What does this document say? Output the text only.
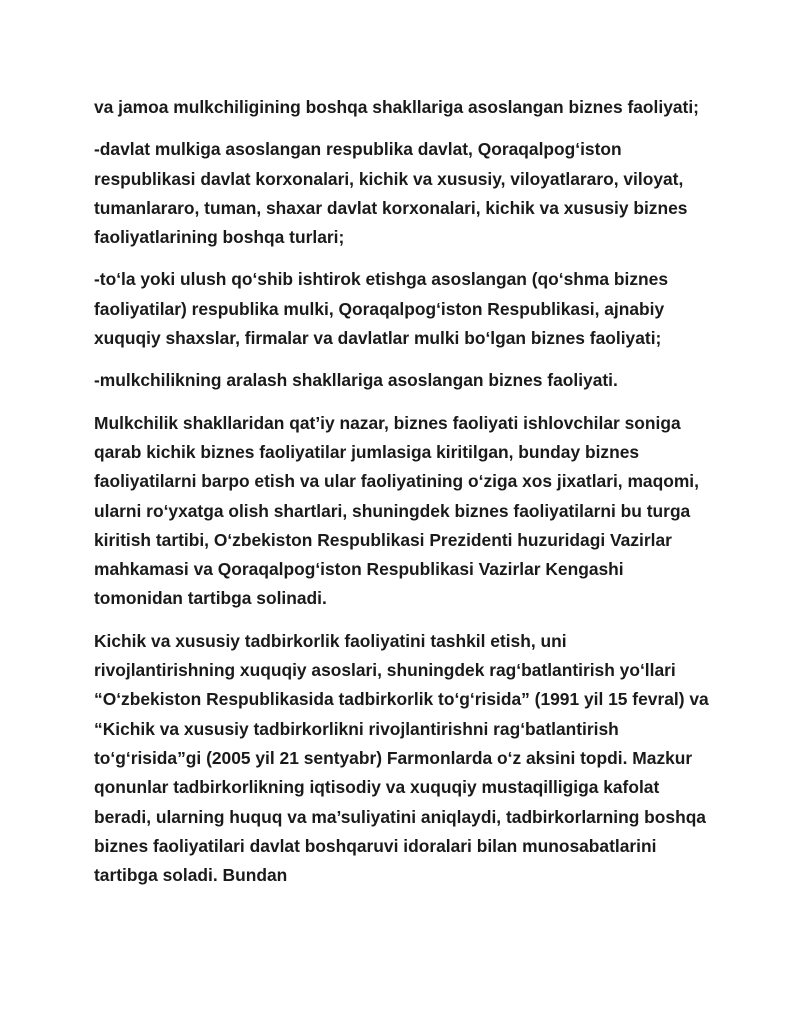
va jamoa mulkchiligining boshqa shakllariga asoslangan biznes faoliyati;

-davlat mulkiga asoslangan respublika davlat, Qoraqalpog‘iston respublikasi davlat korxonalari, kichik va xususiy, viloyatlararo, viloyat, tumanlararo, tuman, shaxar davlat korxonalari, kichik va xususiy biznes faoliyatlarining boshqa turlari;

-to‘la yoki ulush qo‘shib ishtirok etishga asoslangan (qo‘shma biznes faoliyatilar) respublika mulki, Qoraqalpog‘iston Respublikasi, ajnabiy xuquqiy shaxslar, firmalar va davlatlar mulki bo‘lgan biznes faoliyati;

-mulkchilikning aralash shakllariga asoslangan biznes faoliyati.

Mulkchilik shakllaridan qat’iy nazar, biznes faoliyati ishlovchilar soniga qarab kichik biznes faoliyatilar jumlasiga kiritilgan, bunday biznes faoliyatilarni barpo etish va ular faoliyatining o‘ziga xos jixatlari, maqomi, ularni ro‘yxatga olish shartlari, shuningdek biznes faoliyatilarni bu turga kiritish tartibi, O‘zbekiston Respublikasi Prezidenti huzuridagi Vazirlar mahkamasi va Qoraqalpog‘iston Respublikasi Vazirlar Kengashi tomonidan tartibga solinadi.

Kichik va xususiy tadbirkorlik faoliyatini tashkil etish, uni rivojlantirishning xuquqiy asoslari, shuningdek rag‘batlantirish yo‘llari “O‘zbekiston Respublikasida tadbirkorlik to‘g‘risida” (1991 yil 15 fevral) va “Kichik va xususiy tadbirkorlikni rivojlantirishni rag‘batlantirish to‘g‘risida”gi (2005 yil 21 sentyabr) Farmonlarda o‘z aksini topdi. Mazkur qonunlar tadbirkorlikning iqtisodiy va xuquqiy mustaqilligiga kafolat beradi, ularning huquq va ma’suliyatini aniqlaydi, tadbirkorlarning boshqa biznes faoliyatilari davlat boshqaruvi idoralari bilan munosabatlarini tartibga soladi. Bundan
